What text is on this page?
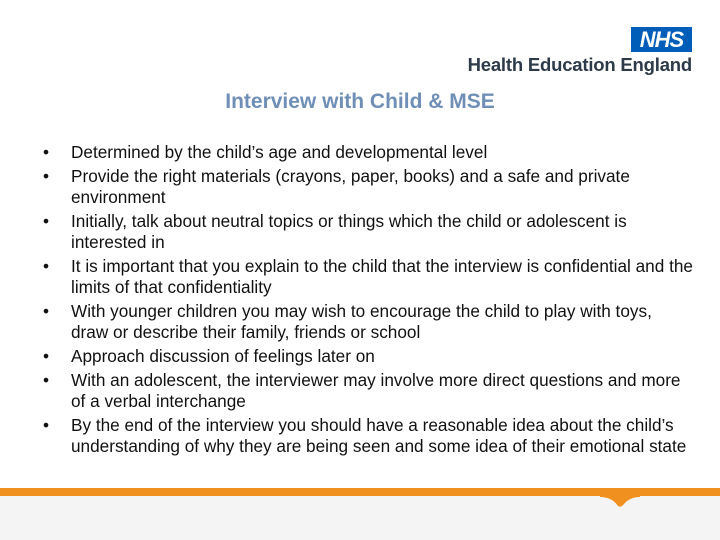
NHS
Health Education England
Interview with Child & MSE
• Determined by the child’s age and developmental level
• Provide the right materials (crayons, paper, books) and a safe and private environment
• Initially, talk about neutral topics or things which the child or adolescent is interested in
• It is important that you explain to the child that the interview is confidential and the limits of that confidentiality
• With younger children you may wish to encourage the child to play with toys, draw or describe their family, friends or school
• Approach discussion of feelings later on
• With an adolescent, the interviewer may involve more direct questions and more of a verbal interchange
• By the end of the interview you should have a reasonable idea about the child’s understanding of why they are being seen and some idea of their emotional state
